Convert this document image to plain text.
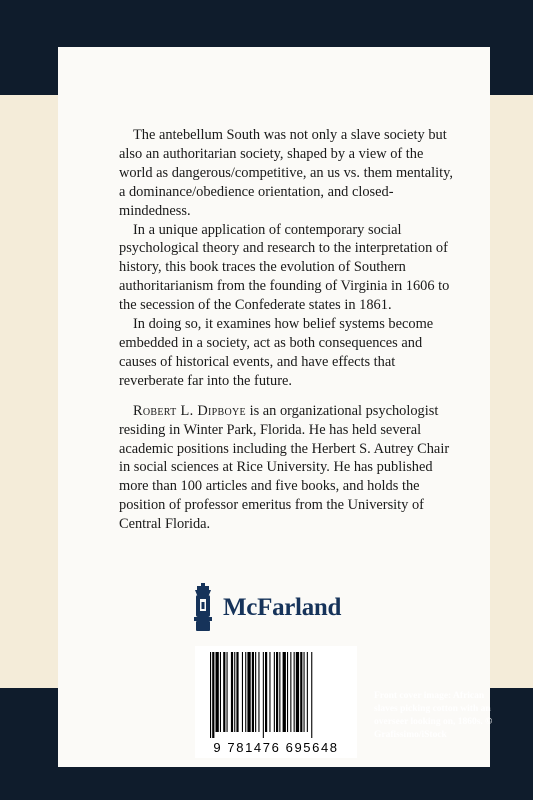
The antebellum South was not only a slave society but also an authoritarian society, shaped by a view of the world as dangerous/competitive, an us vs. them mentality, a dominance/obedience orientation, and closed-mindedness.

In a unique application of contemporary social psychological theory and research to the interpretation of history, this book traces the evolution of Southern authoritarianism from the founding of Virginia in 1606 to the secession of the Confederate states in 1861.

In doing so, it examines how belief systems become embedded in a society, act as both consequences and causes of historical events, and have effects that reverberate far into the future.

Robert L. Dipboye is an organizational psychologist residing in Winter Park, Florida. He has held several academic positions including the Herbert S. Autrey Chair in social sciences at Rice University. He has published more than 100 articles and five books, and holds the position of professor emeritus from the University of Central Florida.

McFarland
9 781476 695648
Front cover image: African slaves picking cotton with an overseer looking on, 1860s. © Grafissimo/iStock
